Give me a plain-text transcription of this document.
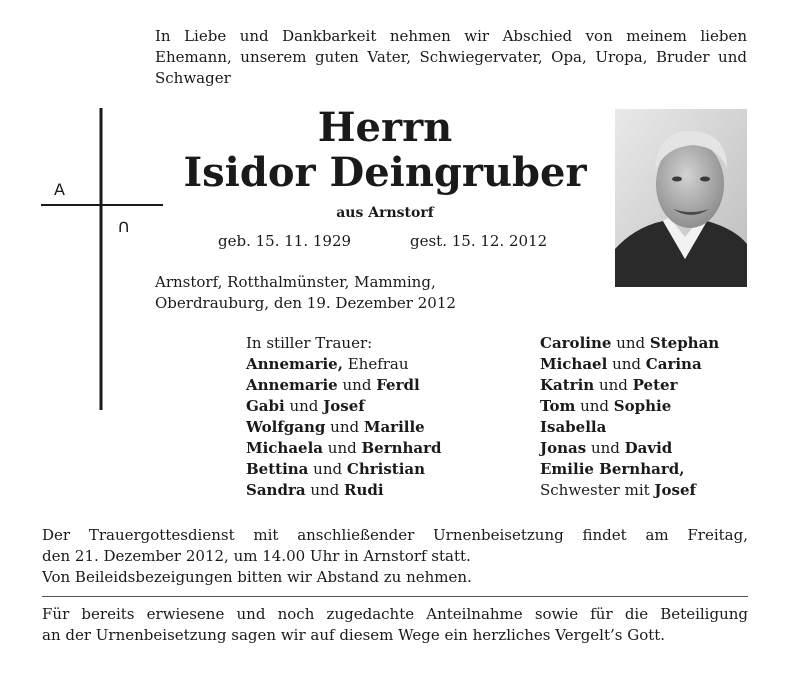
A
∩
In Liebe und Dankbarkeit nehmen wir Abschied von meinem lieben Ehemann, unserem guten Vater, Schwiegervater, Opa, Uropa, Bruder und Schwager
Herrn
Isidor Deingruber
aus Arnstorf
geb. 15. 11. 1929	gest. 15. 12. 2012
Arnstorf, Rotthalmünster, Mamming,
Oberdrauburg, den 19. Dezember 2012
In stiller Trauer:
Annemarie, Ehefrau
Annemarie und Ferdl
Gabi und Josef
Wolfgang und Marille
Michaela und Bernhard
Bettina und Christian
Sandra und Rudi
Caroline und Stephan
Michael und Carina
Katrin und Peter
Tom und Sophie
Isabella
Jonas und David
Emilie Bernhard,
Schwester mit Josef
Der Trauergottesdienst mit anschließender Urnenbeisetzung findet am Freitag,
den 21. Dezember 2012, um 14.00 Uhr in Arnstorf statt.
Von Beileidsbezeigungen bitten wir Abstand zu nehmen.
Für bereits erwiesene und noch zugedachte Anteilnahme sowie für die Beteiligung
an der Urnenbeisetzung sagen wir auf diesem Wege ein herzliches Vergelt’s Gott.
